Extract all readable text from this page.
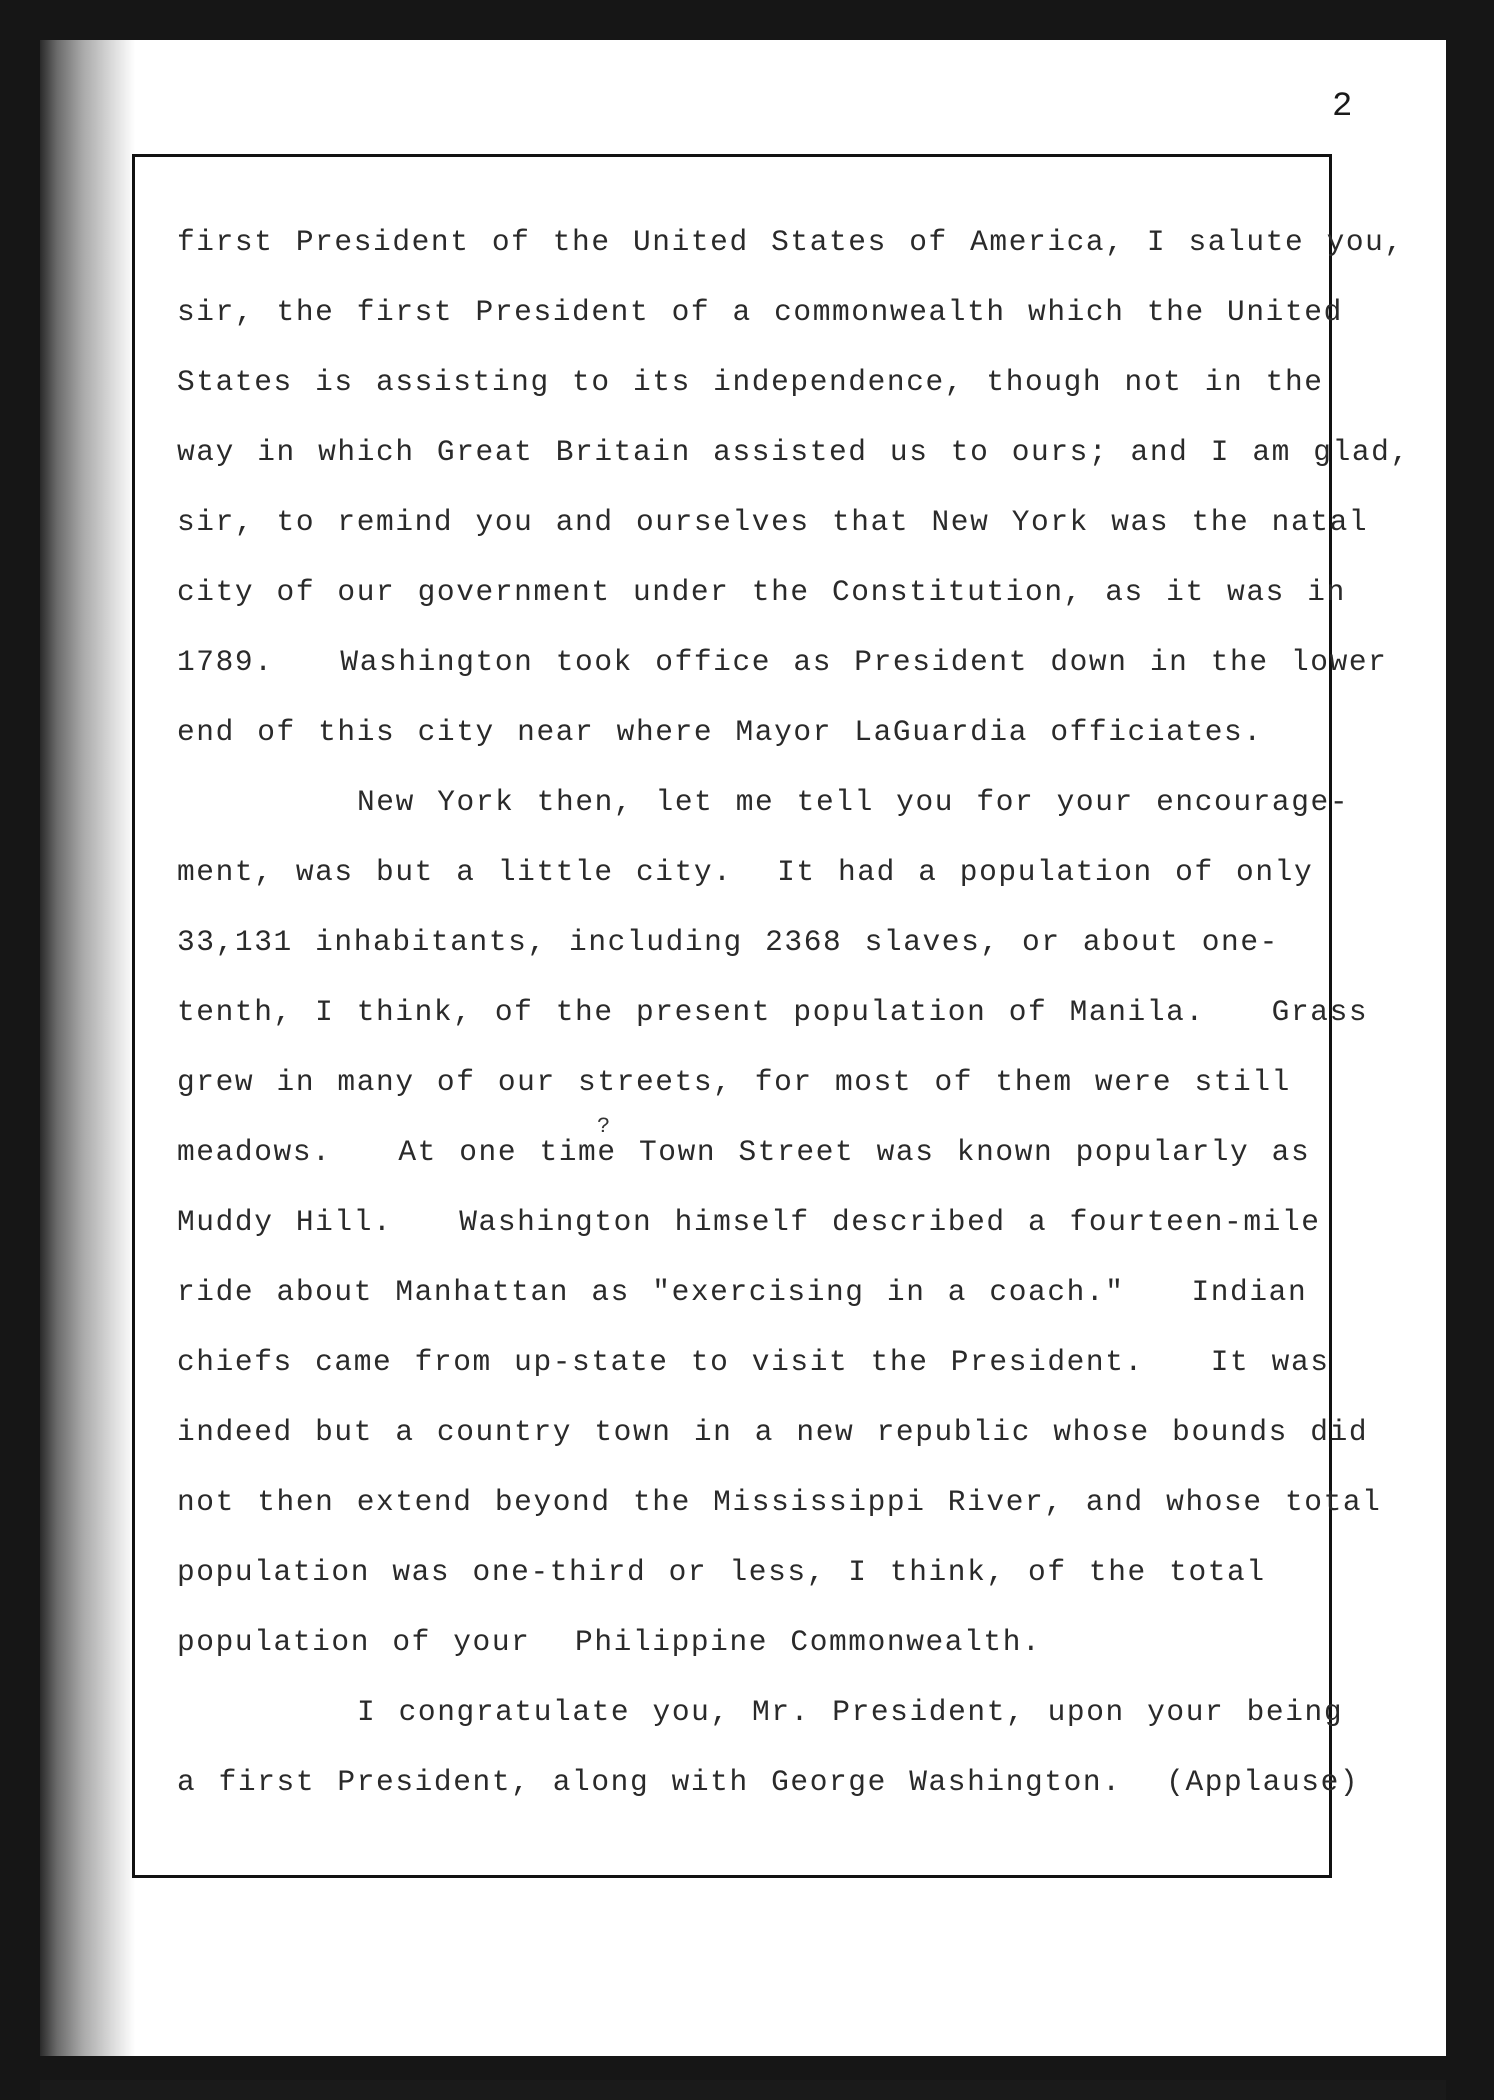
2
first President of the United States of America, I salute you,
sir, the first President of a commonwealth which the United
States is assisting to its independence, though not in the
way in which Great Britain assisted us to ours; and I am glad,
sir, to remind you and ourselves that New York was the natal
city of our government under the Constitution, as it was in
1789.   Washington took office as President down in the lower
end of this city near where Mayor LaGuardia officiates.
New York then, let me tell you for your encourage-
ment, was but a little city.  It had a population of only
33,131 inhabitants, including 2368 slaves, or about one-
tenth, I think, of the present population of Manila.   Grass
grew in many of our streets, for most of them were still
?
meadows.   At one time Town Street was known popularly as
Muddy Hill.   Washington himself described a fourteen-mile
ride about Manhattan as "exercising in a coach."   Indian
chiefs came from up-state to visit the President.   It was
indeed but a country town in a new republic whose bounds did
not then extend beyond the Mississippi River, and whose total
population was one-third or less, I think, of the total
population of your  Philippine Commonwealth.
I congratulate you, Mr. President, upon your being
a first President, along with George Washington.  (Applause)
